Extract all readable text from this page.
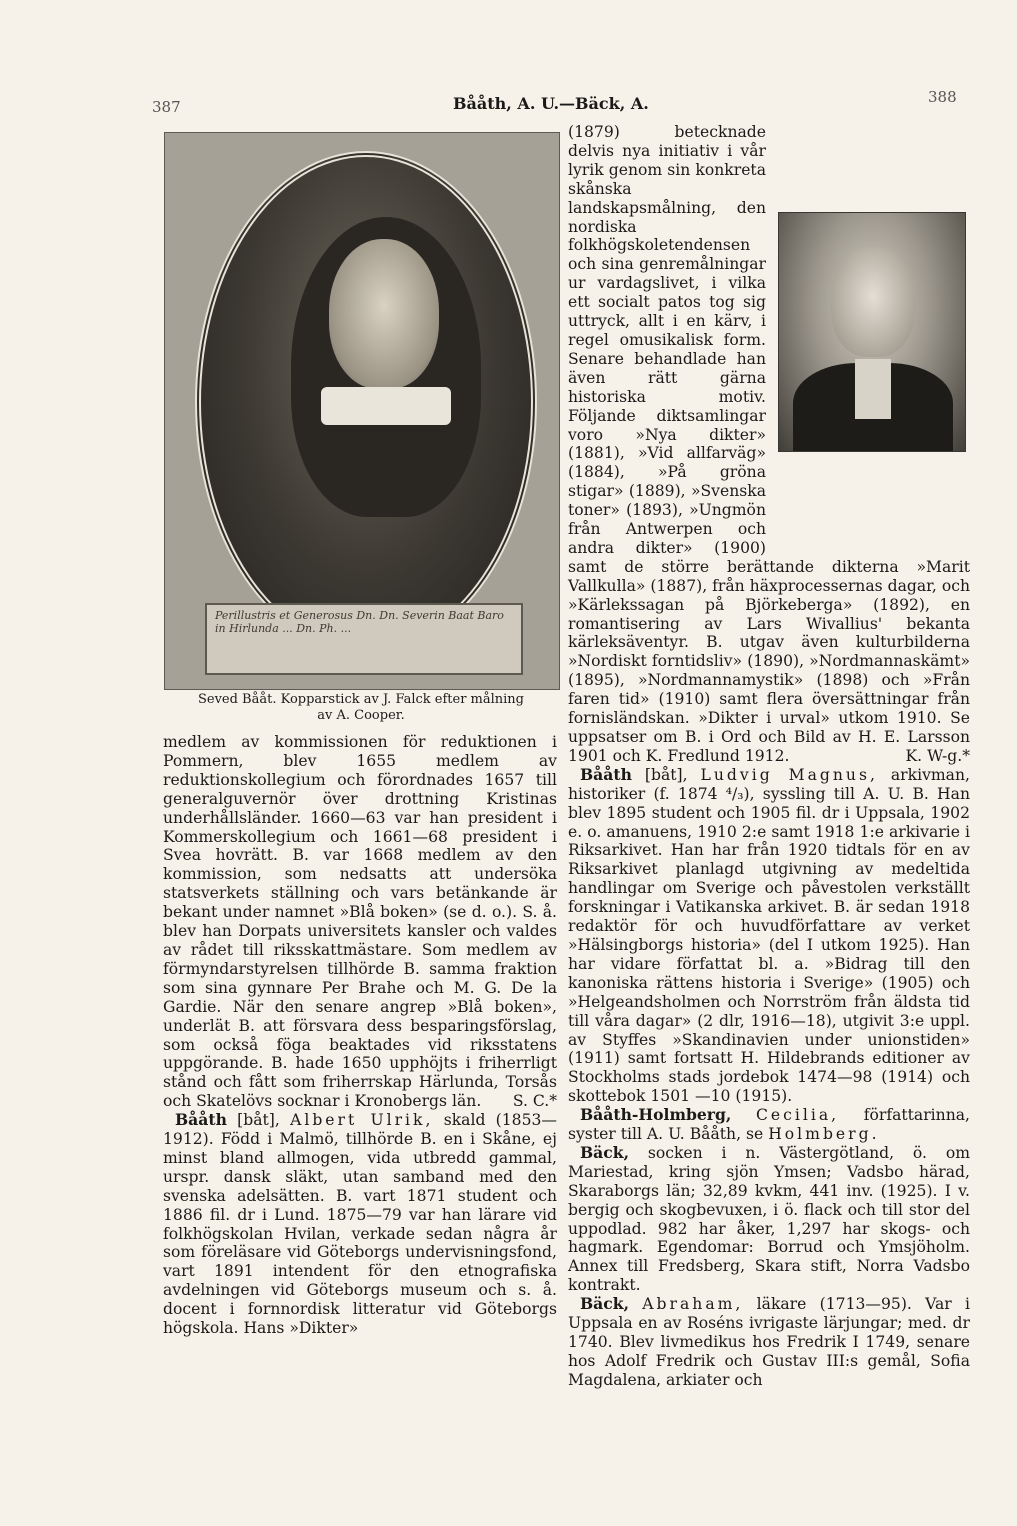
387	Bååth, A. U.—Bäck, A.	388
Perillustris et Generosus Dn. Dn. Severin Baat Baro in Hirlunda ... Dn. Ph. ...
Seved Bååt. Kopparstick av J. Falck efter målning
av A. Cooper.

medlem av kommissionen för reduktionen i Pommern, blev 1655 medlem av reduktionskollegium och förordnades 1657 till generalguvernör över drottning Kristinas underhållsländer. 1660—63 var han president i Kommerskollegium och 1661—68 president i Svea hovrätt. B. var 1668 medlem av den kommission, som nedsatts att undersöka statsverkets ställning och vars betänkande är bekant under namnet »Blå boken» (se d. o.). S. å. blev han Dorpats universitets kansler och valdes av rådet till riksskattmästare. Som medlem av förmyndarstyrelsen tillhörde B. samma fraktion som sina gynnare Per Brahe och M. G. De la Gardie. När den senare angrep »Blå boken», underlät B. att försvara dess besparingsförslag, som också föga beaktades vid riksstatens uppgörande. B. hade 1650 upphöjts i friherrligt stånd och fått som friherrskap Härlunda, Torsås och Skatelövs socknar i Kronobergs län. S. C.*

Bååth [båt], Albert Ulrik, skald (1853—1912). Född i Malmö, tillhörde B. en i Skåne, ej minst bland allmogen, vida utbredd gammal, urspr. dansk släkt, utan samband med den svenska adelsätten. B. vart 1871 student och 1886 fil. dr i Lund. 1875—79 var han lärare vid folkhögskolan Hvilan, verkade sedan några år som föreläsare vid Göteborgs undervisningsfond, vart 1891 intendent för den etnografiska avdelningen vid Göteborgs museum och s. å. docent i fornnordisk litteratur vid Göteborgs högskola. Hans »Dikter»

(1879) betecknade delvis nya initiativ i vår lyrik genom sin konkreta skånska landskapsmålning, den nordiska folkhögskoletendensen och sina genremålningar ur vardagslivet, i vilka ett socialt patos tog sig uttryck, allt i en kärv, i regel omusikalisk form. Senare behandlade han även rätt gärna historiska motiv. Följande diktsamlingar voro »Nya dikter» (1881), »Vid allfarväg» (1884), »På gröna stigar» (1889), »Svenska toner» (1893), »Ungmön från Antwerpen och andra dikter» (1900) samt de större berättande dikterna »Marit Vallkulla» (1887), från häxprocessernas dagar, och »Kärlekssagan på Björkeberga» (1892), en romantisering av Lars Wivallius' bekanta kärleksäventyr. B. utgav även kulturbilderna »Nordiskt forntidsliv» (1890), »Nordmannaskämt» (1895), »Nordmannamystik» (1898) och »Från faren tid» (1910) samt flera översättningar från fornisländskan. »Dikter i urval» utkom 1910. Se uppsatser om B. i Ord och Bild av H. E. Larsson 1901 och K. Fredlund 1912.	K. W-g.*

Bååth [båt], Ludvig Magnus, arkivman, historiker (f. 1874 ⁴/₃), syssling till A. U. B. Han blev 1895 student och 1905 fil. dr i Uppsala, 1902 e. o. amanuens, 1910 2:e samt 1918 1:e arkivarie i Riksarkivet. Han har från 1920 tidtals för en av Riksarkivet planlagd utgivning av medeltida handlingar om Sverige och påvestolen verkställt forskningar i Vatikanska arkivet. B. är sedan 1918 redaktör för och huvudförfattare av verket »Hälsingborgs historia» (del I utkom 1925). Han har vidare författat bl. a. »Bidrag till den kanoniska rättens historia i Sverige» (1905) och »Helgeandsholmen och Norrström från äldsta tid till våra dagar» (2 dlr, 1916—18), utgivit 3:e uppl. av Styffes »Skandinavien under unionstiden» (1911) samt fortsatt H. Hildebrands editioner av Stockholms stads jordebok 1474—98 (1914) och skottebok 1501 —10 (1915).

Bååth-Holmberg, Cecilia, författarinna, syster till A. U. Bååth, se Holmberg.

Bäck, socken i n. Västergötland, ö. om Mariestad, kring sjön Ymsen; Vadsbo härad, Skaraborgs län; 32,89 kvkm, 441 inv. (1925). I v. bergig och skogbevuxen, i ö. flack och till stor del uppodlad. 982 har åker, 1,297 har skogs- och hagmark. Egendomar: Borrud och Ymsjöholm. Annex till Fredsberg, Skara stift, Norra Vadsbo kontrakt.

Bäck, Abraham, läkare (1713—95). Var i Uppsala en av Roséns ivrigaste lärjungar; med. dr 1740. Blev livmedikus hos Fredrik I 1749, senare hos Adolf Fredrik och Gustav III:s gemål, Sofia Magdalena, arkiater och
